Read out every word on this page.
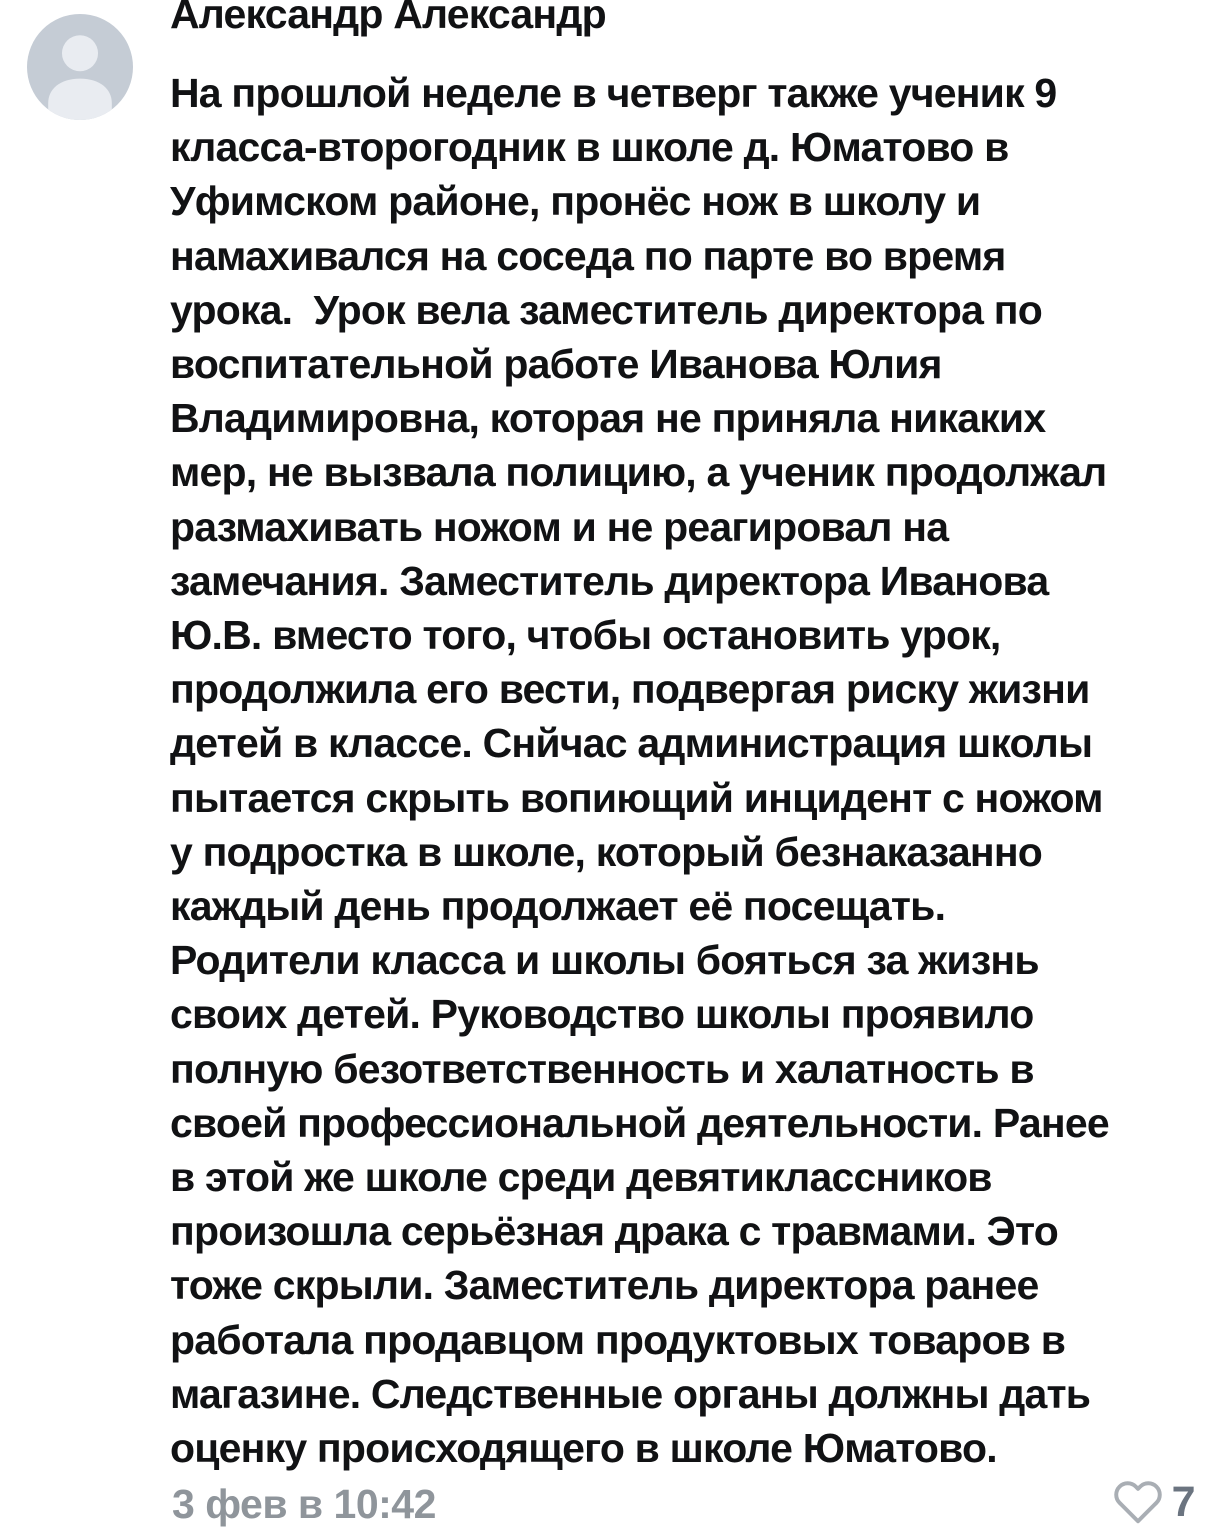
Александр Александр
На прошлой неделе в четверг также ученик 9
класса-второгодник в школе д. Юматово в
Уфимском районе, пронёс нож в школу и
намахивался на соседа по парте во время
урока.  Урок вела заместитель директора по
воспитательной работе Иванова Юлия
Владимировна, которая не приняла никаких
мер, не вызвала полицию, а ученик продолжал
размахивать ножом и не реагировал на
замечания. Заместитель директора Иванова
Ю.В. вместо того, чтобы остановить урок,
продолжила его вести, подвергая риску жизни
детей в классе. Снйчас администрация школы
пытается скрыть вопиющий инцидент с ножом
у подростка в школе, который безнаказанно
каждый день продолжает её посещать.
Родители класса и школы бояться за жизнь
своих детей. Руководство школы проявило
полную безответственность и халатность в
своей профессиональной деятельности. Ранее
в этой же школе среди девятиклассников
произошла серьёзная драка с травмами. Это
тоже скрыли. Заместитель директора ранее
работала продавцом продуктовых товаров в
магазине. Следственные органы должны дать
оценку происходящего в школе Юматово.
3 фев в 10:42	7
